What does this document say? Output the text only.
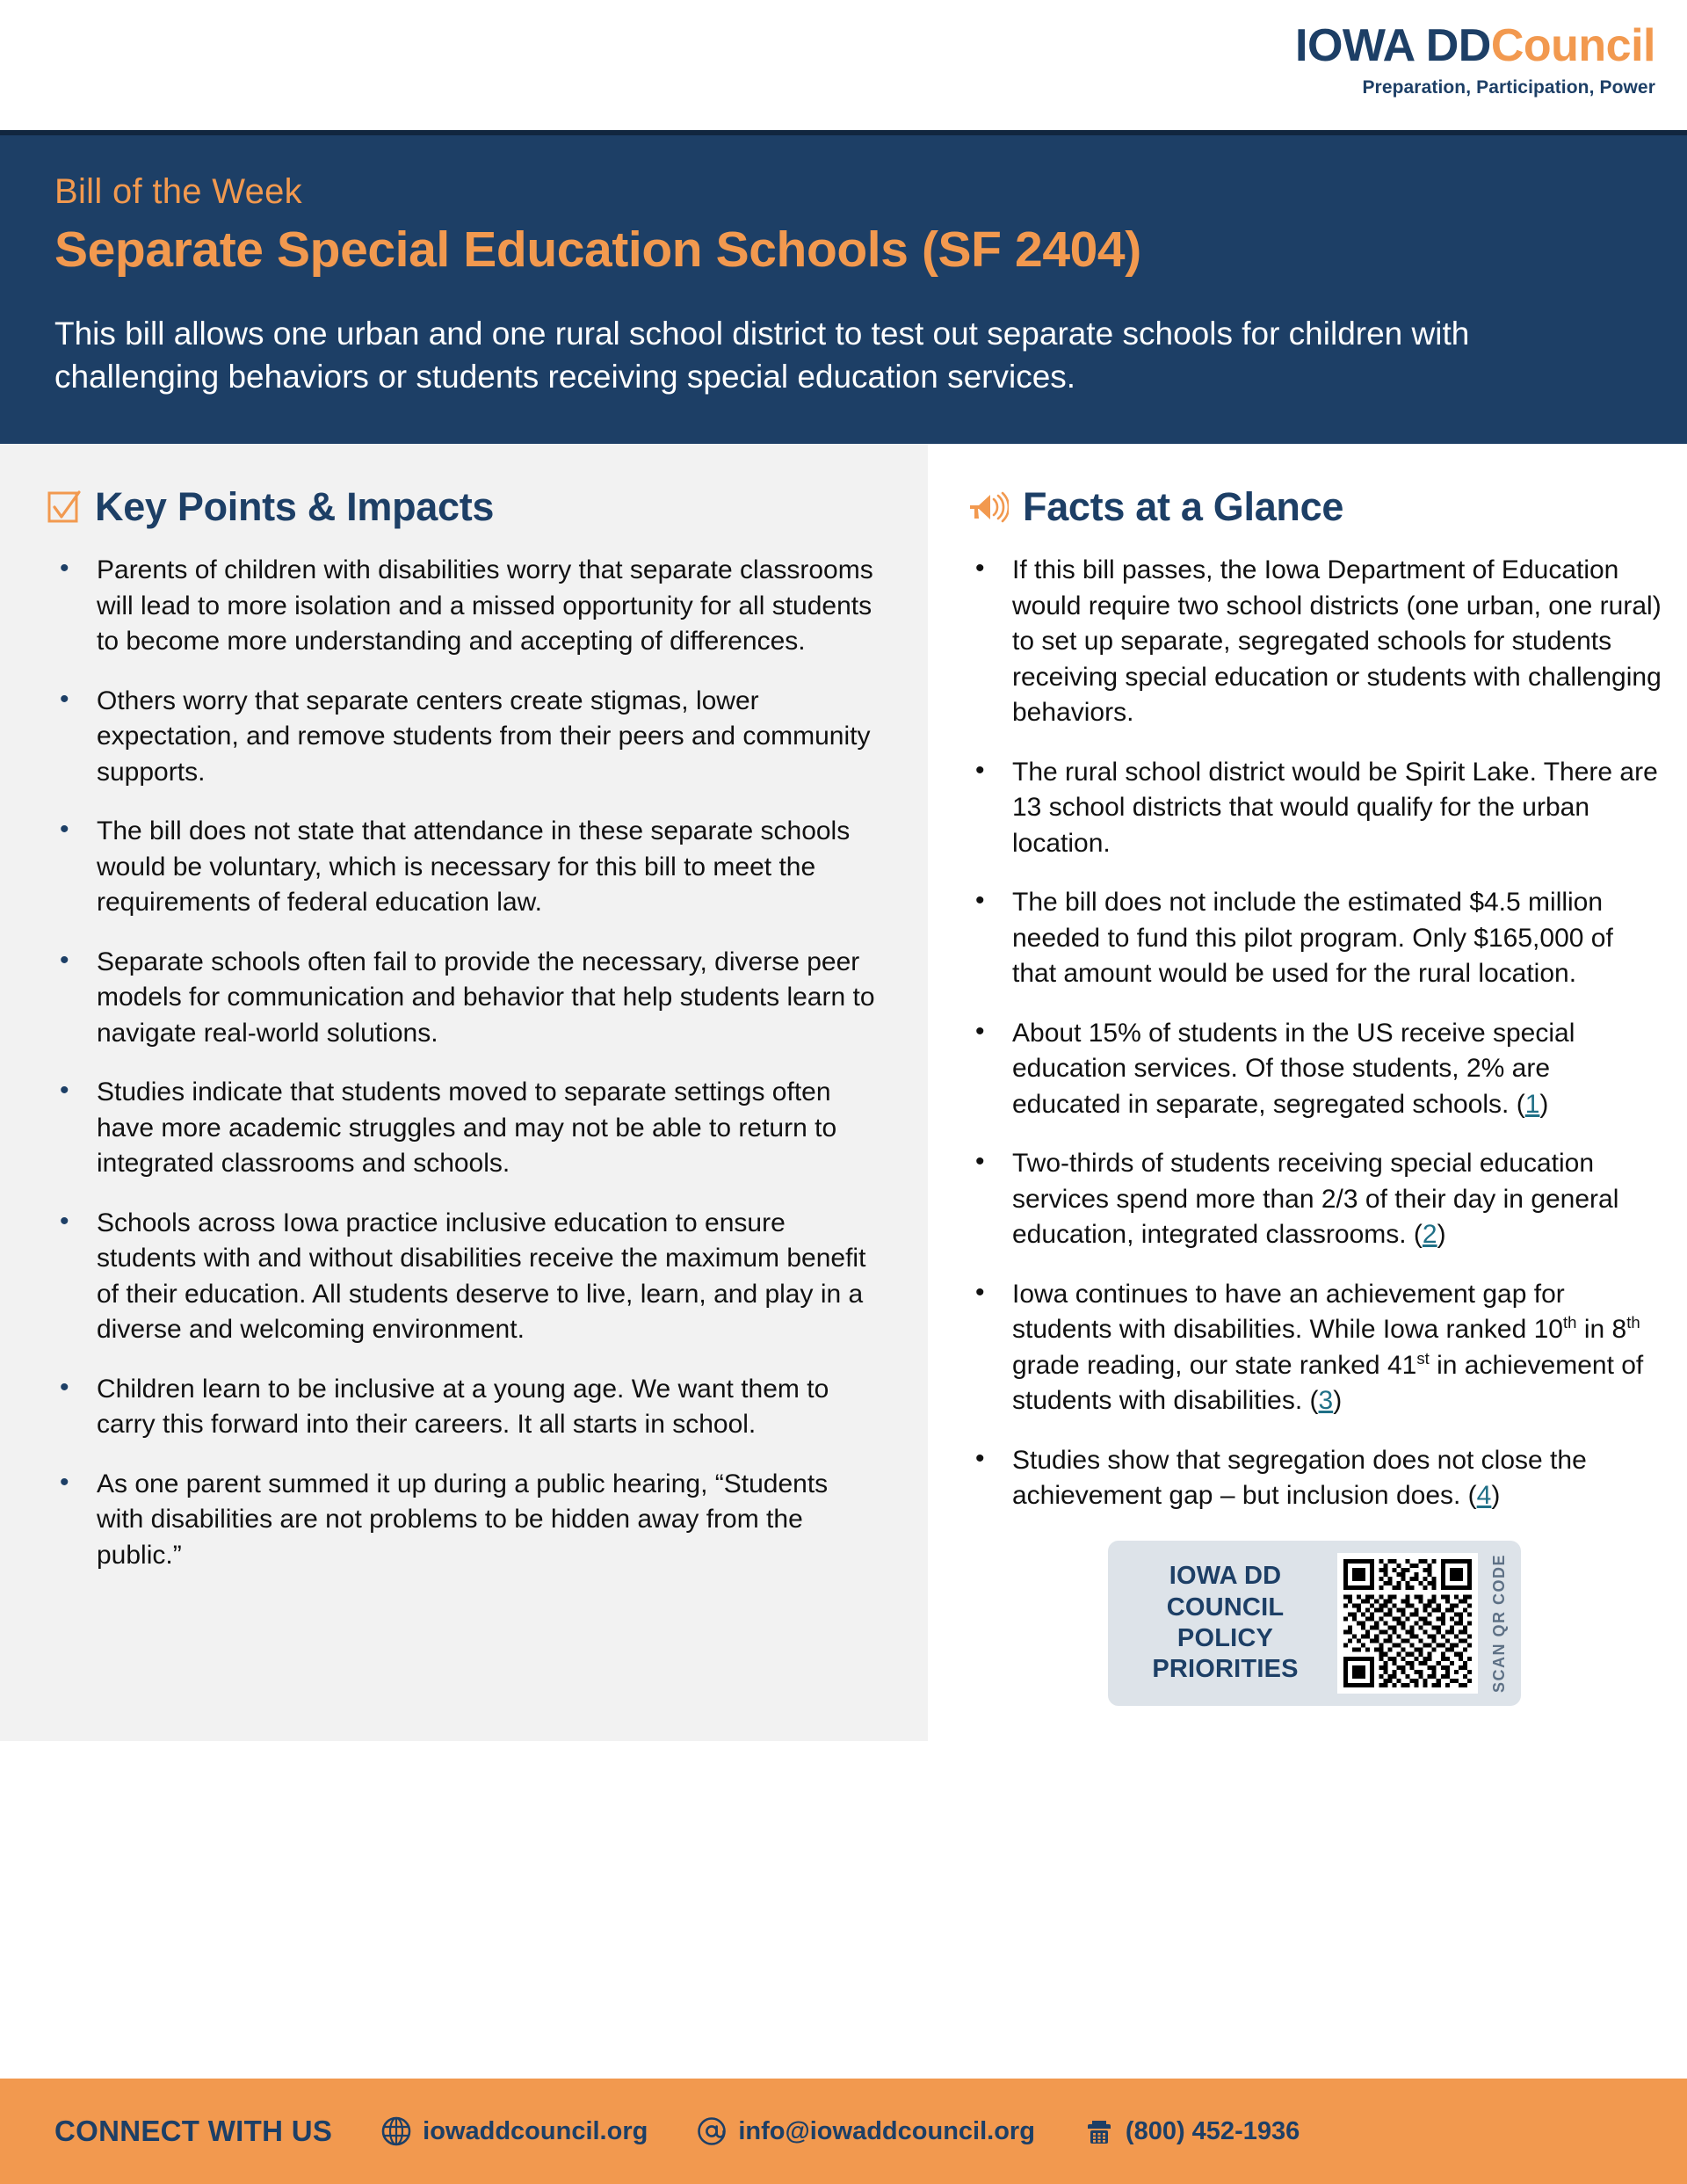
IOWA DDCouncil
Preparation, Participation, Power
Bill of the Week
Separate Special Education Schools (SF 2404)
This bill allows one urban and one rural school district to test out separate schools for children with challenging behaviors or students receiving special education services.
Key Points & Impacts
• Parents of children with disabilities worry that separate classrooms will lead to more isolation and a missed opportunity for all students to become more understanding and accepting of differences.
• Others worry that separate centers create stigmas, lower expectation, and remove students from their peers and community supports.
• The bill does not state that attendance in these separate schools would be voluntary, which is necessary for this bill to meet the requirements of federal education law.
• Separate schools often fail to provide the necessary, diverse peer models for communication and behavior that help students learn to navigate real-world solutions.
• Studies indicate that students moved to separate settings often have more academic struggles and may not be able to return to integrated classrooms and schools.
• Schools across Iowa practice inclusive education to ensure students with and without disabilities receive the maximum benefit of their education. All students deserve to live, learn, and play in a diverse and welcoming environment.
• Children learn to be inclusive at a young age. We want them to carry this forward into their careers. It all starts in school.
• As one parent summed it up during a public hearing, “Students with disabilities are not problems to be hidden away from the public.”
Facts at a Glance
• If this bill passes, the Iowa Department of Education would require two school districts (one urban, one rural) to set up separate, segregated schools for students receiving special education or students with challenging behaviors.
• The rural school district would be Spirit Lake. There are 13 school districts that would qualify for the urban location.
• The bill does not include the estimated $4.5 million needed to fund this pilot program. Only $165,000 of that amount would be used for the rural location.
• About 15% of students in the US receive special education services. Of those students, 2% are educated in separate, segregated schools. (1)
• Two-thirds of students receiving special education services spend more than 2/3 of their day in general education, integrated classrooms. (2)
• Iowa continues to have an achievement gap for students with disabilities. While Iowa ranked 10th in 8th grade reading, our state ranked 41st in achievement of students with disabilities. (3)
• Studies show that segregation does not close the achievement gap – but inclusion does. (4)
IOWA DD
COUNCIL
POLICY
PRIORITIES	SCAN QR CODE
CONNECT WITH US	iowaddcouncil.org	info@iowaddcouncil.org	(800) 452-1936
